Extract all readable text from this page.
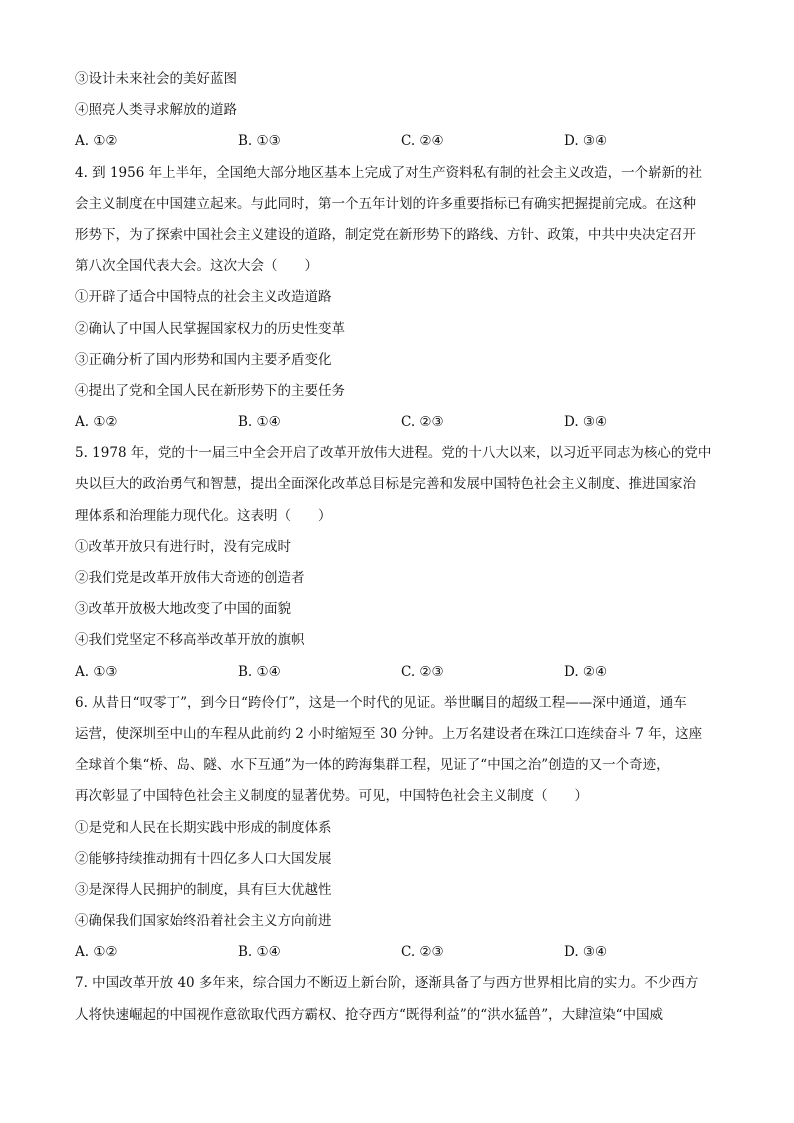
③设计未来社会的美好蓝图
④照亮人类寻求解放的道路
A. ①②	B. ①③	C. ②④	D. ③④
4. 到 1956 年上半年，全国绝大部分地区基本上完成了对生产资料私有制的社会主义改造，一个崭新的社
会主义制度在中国建立起来。与此同时，第一个五年计划的许多重要指标已有确实把握提前完成。在这种
形势下，为了探索中国社会主义建设的道路，制定党在新形势下的路线、方针、政策，中共中央决定召开
第八次全国代表大会。这次大会（　　）
①开辟了适合中国特点的社会主义改造道路
②确认了中国人民掌握国家权力的历史性变革
③正确分析了国内形势和国内主要矛盾变化
④提出了党和全国人民在新形势下的主要任务
A. ①②	B. ①④	C. ②③	D. ③④
5. 1978 年，党的十一届三中全会开启了改革开放伟大进程。党的十八大以来，以习近平同志为核心的党中
央以巨大的政治勇气和智慧，提出全面深化改革总目标是完善和发展中国特色社会主义制度、推进国家治
理体系和治理能力现代化。这表明（　　）
①改革开放只有进行时，没有完成时
②我们党是改革开放伟大奇迹的创造者
③改革开放极大地改变了中国的面貌
④我们党坚定不移高举改革开放的旗帜
A. ①③	B. ①④	C. ②③	D. ②④
6. 从昔日“叹零丁”，到今日“跨伶仃”，这是一个时代的见证。举世瞩目的超级工程——深中通道，通车
运营，使深圳至中山的车程从此前约 2 小时缩短至 30 分钟。上万名建设者在珠江口连续奋斗 7 年，这座
全球首个集“桥、岛、隧、水下互通”为一体的跨海集群工程，见证了“中国之治”创造的又一个奇迹，
再次彰显了中国特色社会主义制度的显著优势。可见，中国特色社会主义制度（　　）
①是党和人民在长期实践中形成的制度体系
②能够持续推动拥有十四亿多人口大国发展
③是深得人民拥护的制度，具有巨大优越性
④确保我们国家始终沿着社会主义方向前进
A. ①②	B. ①④	C. ②③	D. ③④
7. 中国改革开放 40 多年来，综合国力不断迈上新台阶，逐渐具备了与西方世界相比肩的实力。不少西方
人将快速崛起的中国视作意欲取代西方霸权、抢夺西方“既得利益”的“洪水猛兽”，大肆渲染“中国威
